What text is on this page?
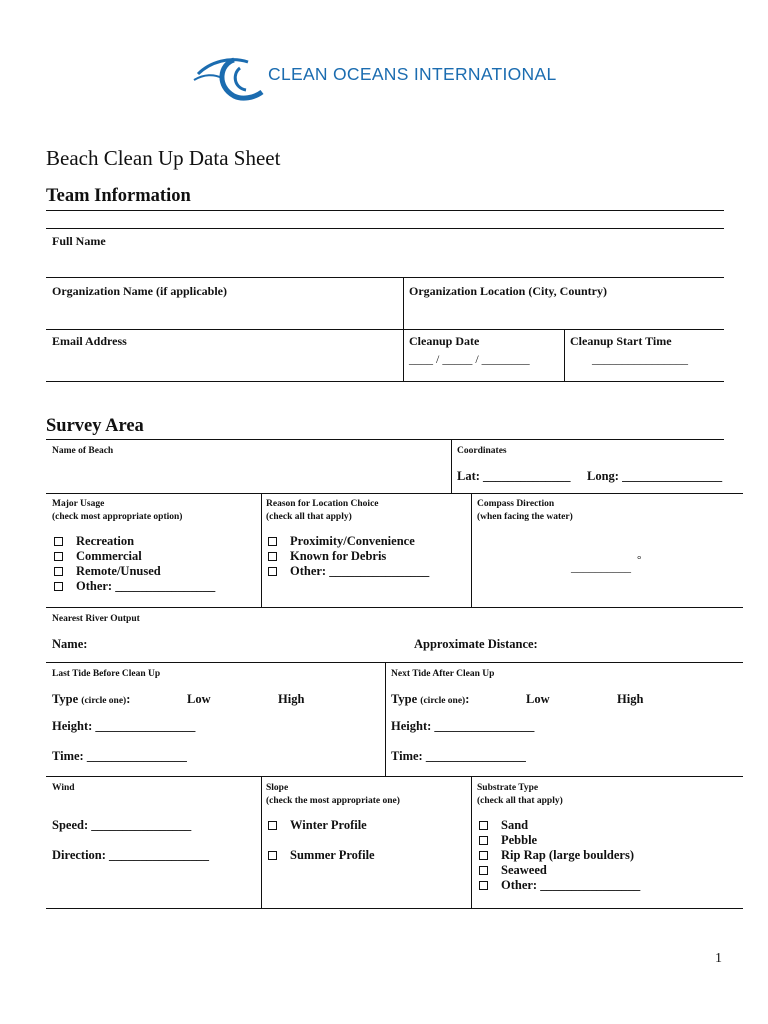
CLEAN OCEANS INTERNATIONAL
Beach Clean Up Data Sheet
Team Information
Full Name
Organization Name (if applicable)	Organization Location (City, Country)
Email Address	Cleanup Date
____ / _____ / ________
Cleanup Start Time
________________
Survey Area
Name of Beach	Coordinates
Lat: ______________ Long: ________________
Major Usage
(check most appropriate option)
Recreation
Commercial
Remote/Unused
Other: ________________
Reason for Location Choice
(check all that apply)
Proximity/Convenience
Known for Debris
Other: ________________
Compass Direction
(when facing the water)
__________ °
Nearest River Output
Name:	Approximate Distance:
Last Tide Before Clean Up
Type (circle one):	Low	High
Height: ________________
Time: ________________
Next Tide After Clean Up
Type (circle one):	Low	High
Height: ________________
Time: ________________
Wind
Speed: ________________
Direction: ________________
Slope
(check the most appropriate one)
Winter Profile
Summer Profile
Substrate Type
(check all that apply)
Sand
Pebble
Rip Rap (large boulders)
Seaweed
Other: ________________
1
